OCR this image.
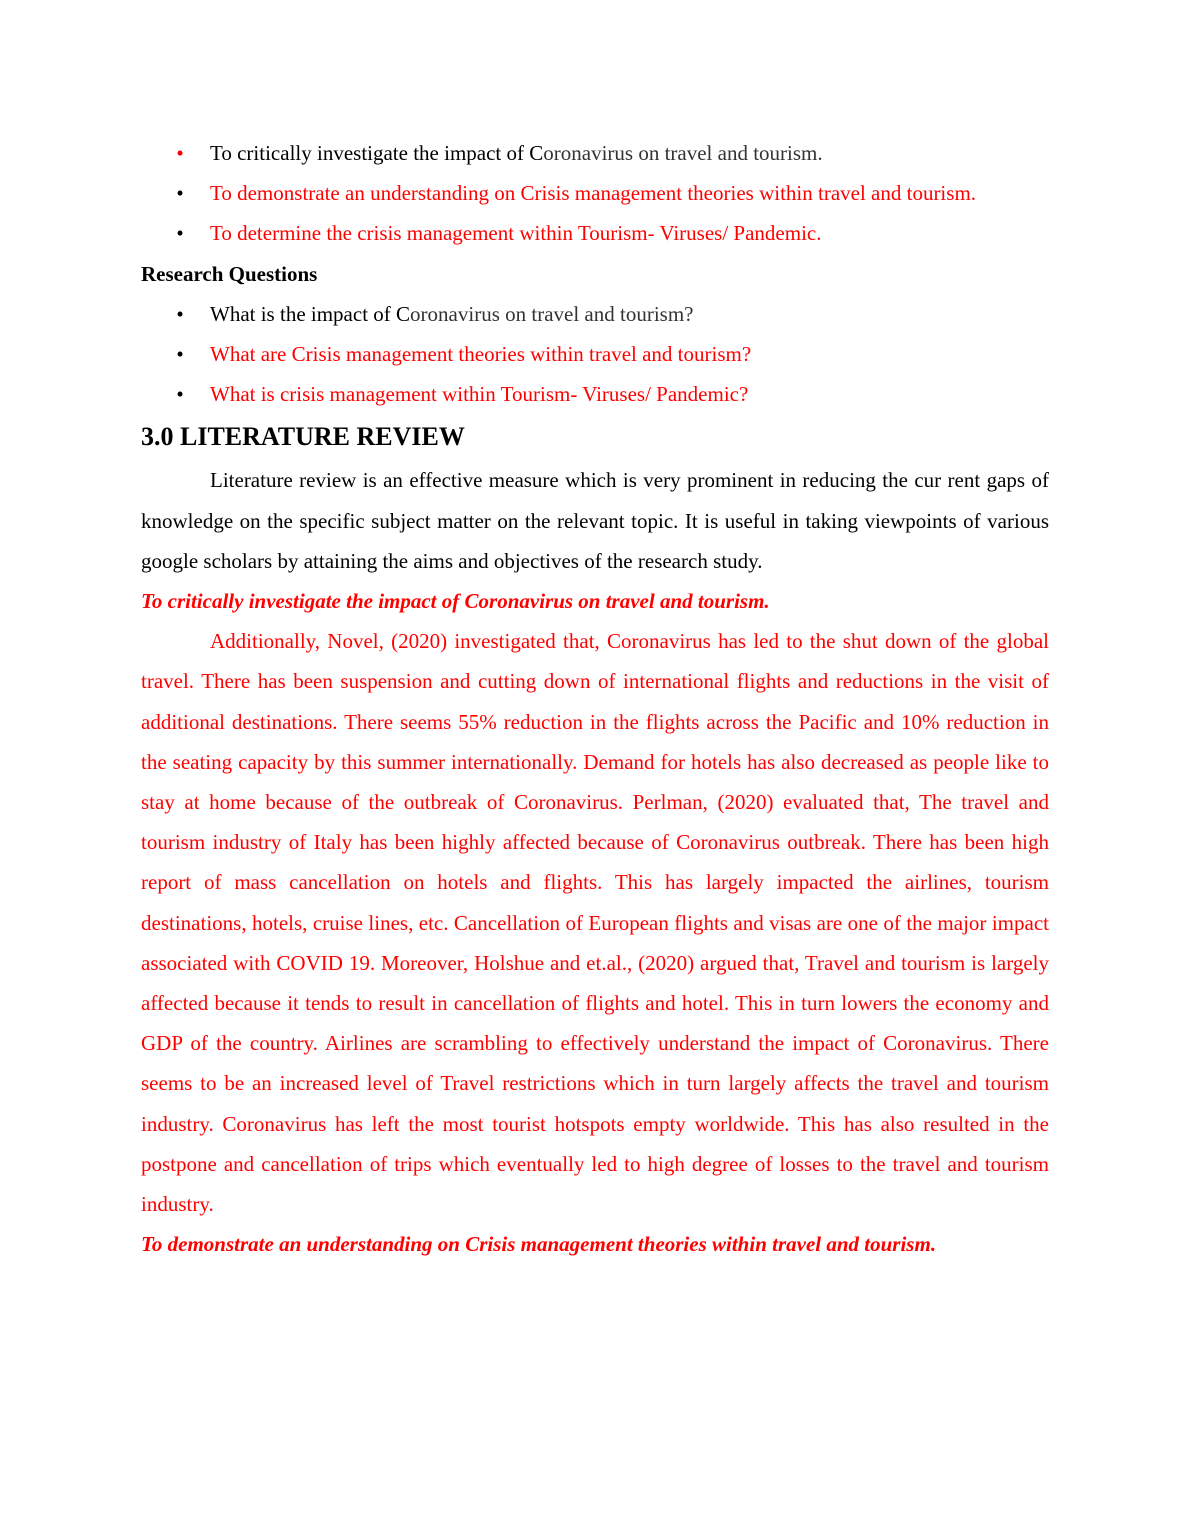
• To critically investigate the impact of Coronavirus on travel and tourism.
• To demonstrate an understanding on Crisis management theories within travel and tourism.
• To determine the crisis management within Tourism- Viruses/ Pandemic.

Research Questions

• What is the impact of Coronavirus on travel and tourism?
• What are Crisis management theories within travel and tourism?
• What is crisis management within Tourism- Viruses/ Pandemic?
3.0 LITERATURE REVIEW

Literature review is an effective measure which is very prominent in reducing the cur rent gaps of knowledge on the specific subject matter on the relevant topic. It is useful in taking viewpoints of various google scholars by attaining the aims and objectives of the research study.

To critically investigate the impact of Coronavirus on travel and tourism.

Additionally, Novel, (2020) investigated that, Coronavirus has led to the shut down of the global travel. There has been suspension and cutting down of international flights and reductions in the visit of additional destinations. There seems 55% reduction in the flights across the Pacific and 10% reduction in the seating capacity by this summer internationally. Demand for hotels has also decreased as people like to stay at home because of the outbreak of Coronavirus. Perlman, (2020) evaluated that, The travel and tourism industry of Italy has been highly affected because of Coronavirus outbreak. There has been high report of mass cancellation on hotels and flights. This has largely impacted the airlines, tourism destinations, hotels, cruise lines, etc. Cancellation of European flights and visas are one of the major impact associated with COVID 19. Moreover, Holshue and et.al., (2020) argued that, Travel and tourism is largely affected because it tends to result in cancellation of flights and hotel. This in turn lowers the economy and GDP of the country. Airlines are scrambling to effectively understand the impact of Coronavirus. There seems to be an increased level of Travel restrictions which in turn largely affects the travel and tourism industry. Coronavirus has left the most tourist hotspots empty worldwide. This has also resulted in the postpone and cancellation of trips which eventually led to high degree of losses to the travel and tourism industry.

To demonstrate an understanding on Crisis management theories within travel and tourism.
